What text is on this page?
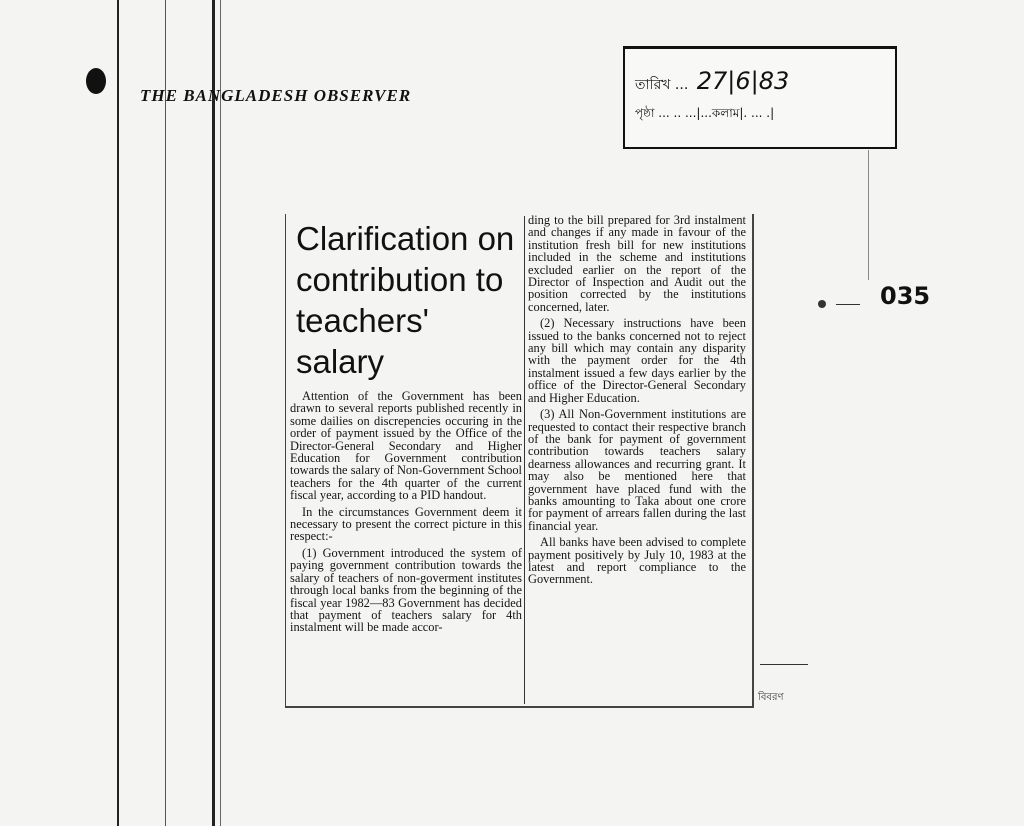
THE BANGLADESH OBSERVER
তারিখ ... 27|6|83
পৃষ্ঠা ... .. ...|...কলাম|. ... .|
035
Clarification on contribution to teachers' salary

Attention of the Government has been drawn to several reports published recently in some dailies on discrepencies occuring in the order of payment issued by the Office of the Director-General Secondary and Higher Education for Government contribution towards the salary of Non-Government School teachers for the 4th quarter of the current fiscal year, according to a PID handout.

In the circumstances Government deem it necessary to present the correct picture in this respect:-

(1) Government introduced the system of paying government contribution towards the salary of teachers of non-goverment institutes through local banks from the beginning of the fiscal year 1982—83 Government has decided that payment of teachers salary for 4th instalment will be made accor-

ding to the bill prepared for 3rd instalment and changes if any made in favour of the institution fresh bill for new institutions included in the scheme and institutions excluded earlier on the report of the Director of Inspection and Audit out the position corrected by the institutions concerned, later.

(2) Necessary instructions have been issued to the banks concerned not to reject any bill which may contain any disparity with the payment order for the 4th instalment issued a few days earlier by the office of the Director-General Secondary and Higher Education.

(3) All Non-Government institutions are requested to contact their respective branch of the bank for payment of government contribution towards teachers salary dearness allowances and recurring grant. It may also be mentioned here that government have placed fund with the banks amounting to Taka about one crore for payment of arrears fallen during the last financial year.

All banks have been advised to complete payment positively by July 10, 1983 at the latest and report compliance to the Government.

বিবরণ
